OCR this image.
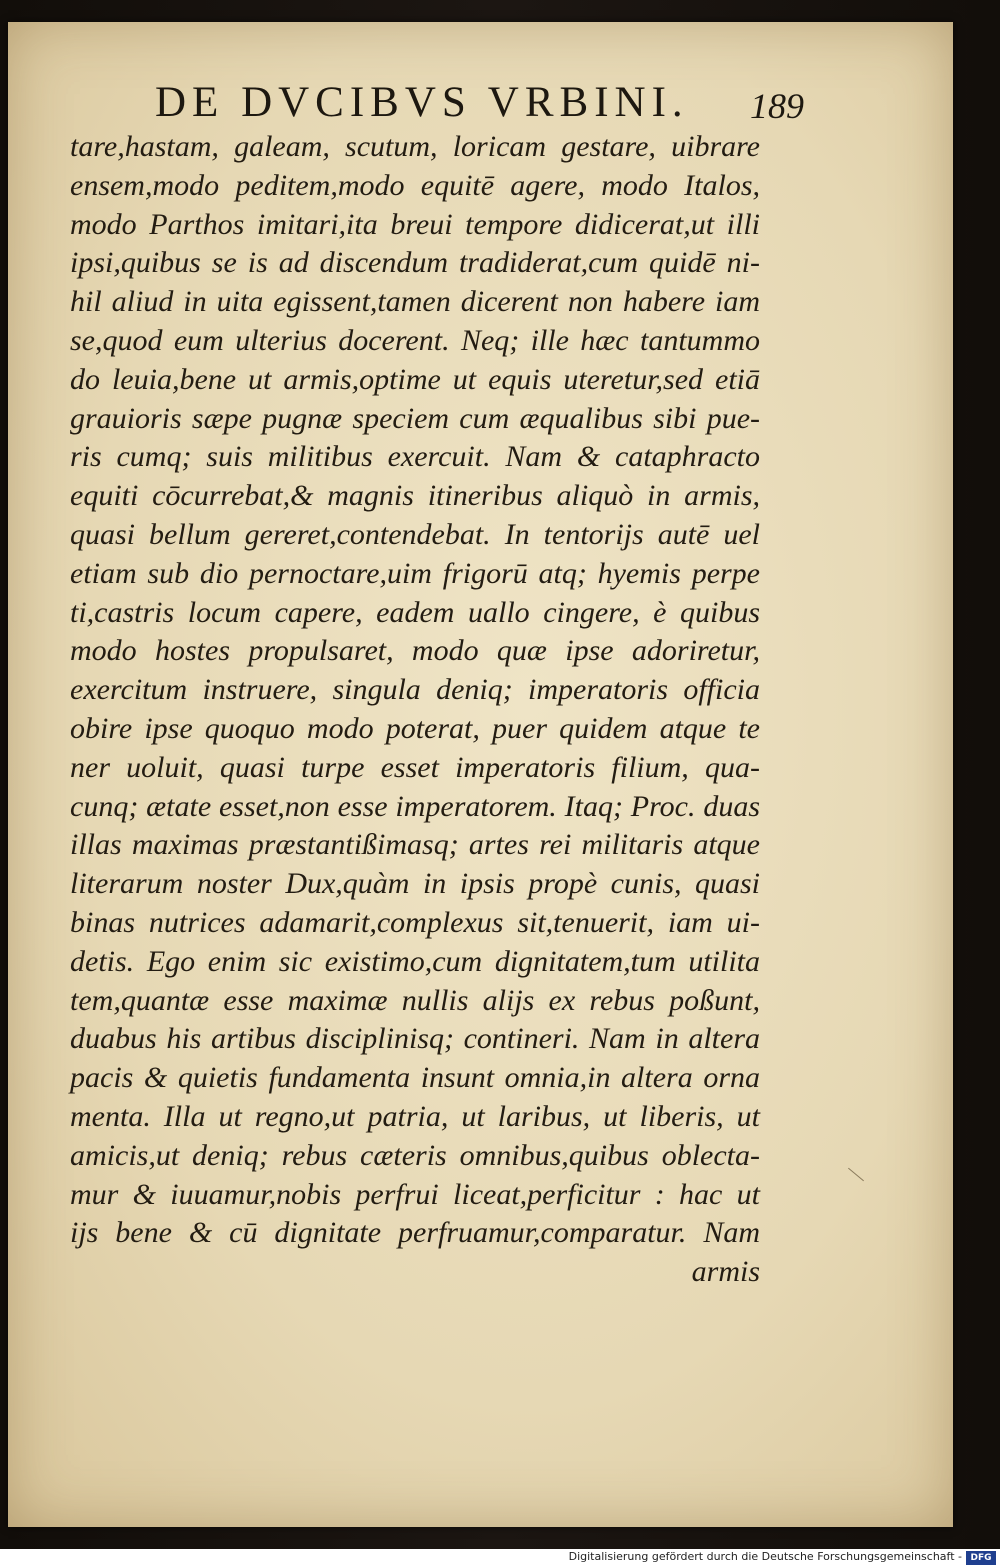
DE DVCIBVS VRBINI.	189
tare,hastam, galeam, scutum, loricam gestare, uibrare
ensem,modo peditem,modo equitē agere, modo Italos,
modo Parthos imitari,ita breui tempore didicerat,ut illi
ipsi,quibus se is ad discendum tradiderat,cum quidē ni-
hil aliud in uita egissent,tamen dicerent non habere iam
se,quod eum ulterius docerent. Neq; ille hæc tantummo
do leuia,bene ut armis,optime ut equis uteretur,sed etiā
grauioris sæpe pugnæ speciem cum æqualibus sibi pue-
ris cumq; suis militibus exercuit. Nam & cataphracto
equiti cōcurrebat,& magnis itineribus aliquò in armis,
quasi bellum gereret,contendebat. In tentorijs autē uel
etiam sub dio pernoctare,uim frigorū atq; hyemis perpe
ti,castris locum capere, eadem uallo cingere, è quibus
modo hostes propulsaret, modo quæ ipse adoriretur,
exercitum instruere, singula deniq; imperatoris officia
obire ipse quoquo modo poterat, puer quidem atque te
ner uoluit, quasi turpe esset imperatoris filium, qua-
cunq; ætate esset,non esse imperatorem. Itaq; Proc. duas
illas maximas præstantißimasq; artes rei militaris atque
literarum noster Dux,quàm in ipsis propè cunis, quasi
binas nutrices adamarit,complexus sit,tenuerit, iam ui-
detis. Ego enim sic existimo,cum dignitatem,tum utilita
tem,quantæ esse maximæ nullis alijs ex rebus poßunt,
duabus his artibus disciplinisq; contineri. Nam in altera
pacis & quietis fundamenta insunt omnia,in altera orna
menta. Illa ut regno,ut patria, ut laribus, ut liberis, ut
amicis,ut deniq; rebus cæteris omnibus,quibus oblecta-
mur & iuuamur,nobis perfrui liceat,perficitur : hac ut
ijs bene & cū dignitate perfruamur,comparatur. Nam
armis
Digitalisierung gefördert durch die Deutsche Forschungsgemeinschaft - DFG
